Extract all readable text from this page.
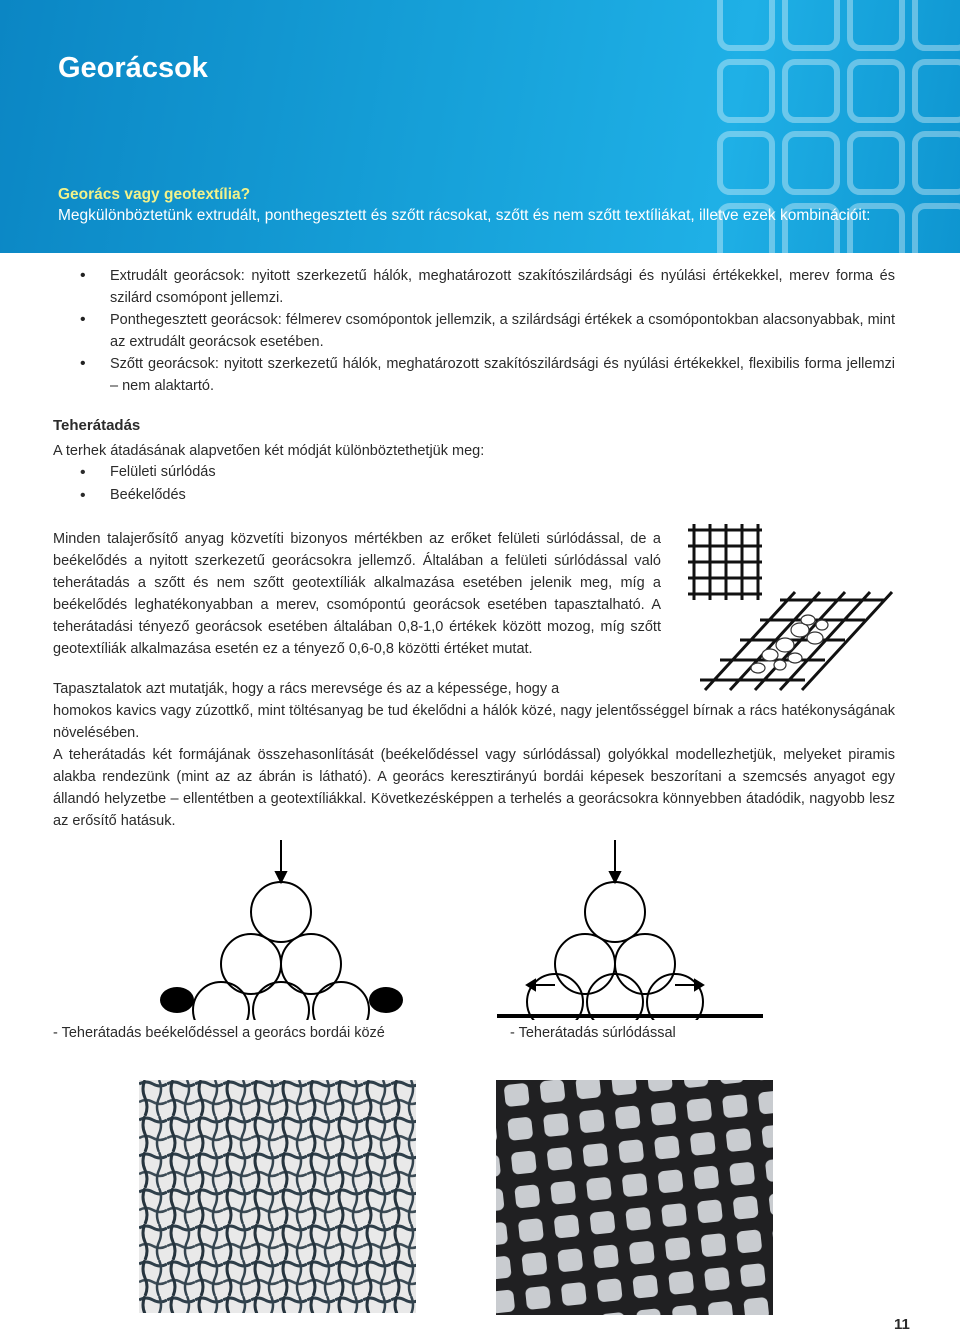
Georácsok
Georács vagy geotextília?
Megkülönböztetünk extrudált, ponthegesztett és szőtt rácsokat, szőtt és nem szőtt textíliákat, illetve ezek kombinációit:
• Extrudált georácsok: nyitott szerkezetű hálók, meghatározott szakítószilárdsági és nyúlási értékekkel, merev forma és szilárd csomópont jellemzi.
• Ponthegesztett georácsok: félmerev csomópontok jellemzik, a szilárdsági értékek a csomópontokban alacsonyabbak, mint az extrudált georácsok esetében.
• Szőtt georácsok: nyitott szerkezetű hálók, meghatározott szakítószilárdsági és nyúlási értékekkel, flexibilis forma jellemzi – nem alaktartó.
Teherátadás

A terhek átadásának alapvetően két módját különböztethetjük meg:

• Felületi súrlódás
• Beékelődés

Minden talajerősítő anyag közvetíti bizonyos mértékben az erőket felületi súrlódással, de a beékelődés a nyitott szerkezetű georácsokra jellemző. Általában a felületi súrlódással való teherátadás a szőtt és nem szőtt geotextíliák alkalmazása esetében jelenik meg, míg a beékelődés leghatékonyabban a merev, csomópontú georácsok esetében tapasztalható. A teherátadási tényező georácsok esetében általában 0,8-1,0 értékek között mozog, míg szőtt geotextíliák alkalmazása esetén ez a tényező 0,6-0,8 közötti értéket mutat.

Tapasztalatok azt mutatják, hogy a rács merevsége és az a képessége, hogy a

homokos kavics vagy zúzottkő, mint töltésanyag be tud ékelődni a hálók közé, nagy jelentősséggel bírnak a rács hatékonyságának növelésében.

A teherátadás két formájának összehasonlítását (beékelődéssel vagy súrlódással) golyókkal modellezhetjük, melyeket piramis alakba rendezünk (mint az az ábrán is látható). A georács keresztirányú bordái képesek beszorítani a szemcsés anyagot egy állandó helyzetbe – ellentétben a geotextíliákkal. Következésképpen a terhelés a georácsokra könnyebben átadódik, nagyobb lesz az erősítő hatásuk.

- Teherátadás beékelődéssel a georács bordái közé	- Teherátadás súrlódással
11
